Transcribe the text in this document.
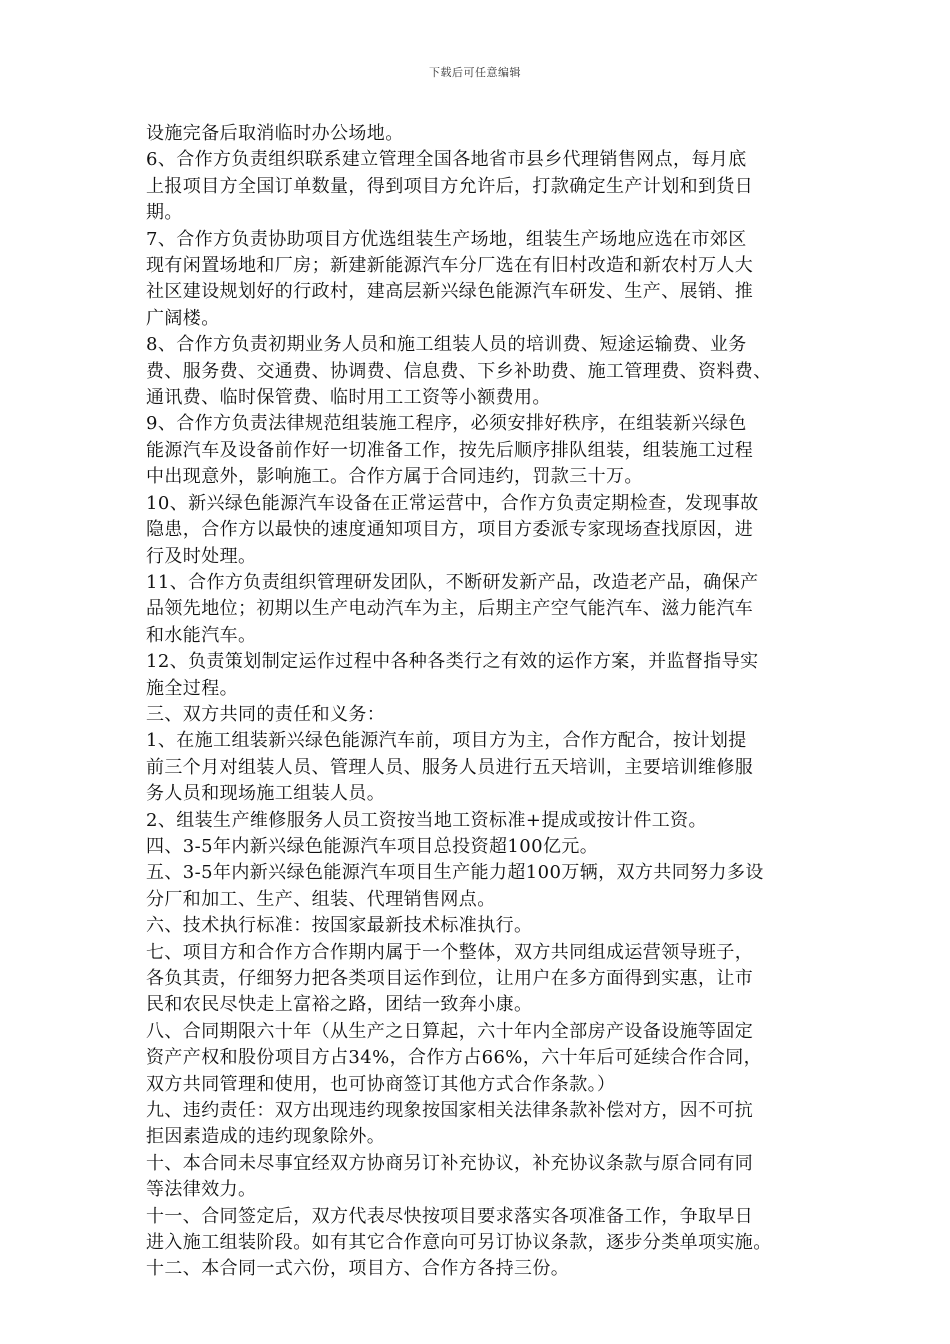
下载后可任意编辑

设施完备后取消临时办公场地。

6、合作方负责组织联系建立管理全国各地省市县乡代理销售网点，每月底

上报项目方全国订单数量，得到项目方允许后，打款确定生产计划和到货日

期。

7、合作方负责协助项目方优选组装生产场地，组装生产场地应选在市郊区

现有闲置场地和厂房；新建新能源汽车分厂选在有旧村改造和新农村万人大

社区建设规划好的行政村，建高层新兴绿色能源汽车研发、生产、展销、推

广阔楼。

8、合作方负责初期业务人员和施工组装人员的培训费、短途运输费、业务

费、服务费、交通费、协调费、信息费、下乡补助费、施工管理费、资料费、

通讯费、临时保管费、临时用工工资等小额费用。

9、合作方负责法律规范组装施工程序，必须安排好秩序，在组装新兴绿色

能源汽车及设备前作好一切准备工作，按先后顺序排队组装，组装施工过程

中出现意外，影响施工。合作方属于合同违约，罚款三十万。

10、新兴绿色能源汽车设备在正常运营中，合作方负责定期检查，发现事故

隐患，合作方以最快的速度通知项目方，项目方委派专家现场查找原因，进

行及时处理。

11、合作方负责组织管理研发团队，不断研发新产品，改造老产品，确保产

品领先地位；初期以生产电动汽车为主，后期主产空气能汽车、滋力能汽车

和水能汽车。

12、负责策划制定运作过程中各种各类行之有效的运作方案，并监督指导实

施全过程。

三、双方共同的责任和义务：

1、在施工组装新兴绿色能源汽车前，项目方为主，合作方配合，按计划提

前三个月对组装人员、管理人员、服务人员进行五天培训，主要培训维修服

务人员和现场施工组装人员。

2、组装生产维修服务人员工资按当地工资标准+提成或按计件工资。

四、3-5年内新兴绿色能源汽车项目总投资超100亿元。

五、3-5年内新兴绿色能源汽车项目生产能力超100万辆，双方共同努力多设

分厂和加工、生产、组装、代理销售网点。

六、技术执行标准：按国家最新技术标准执行。

七、项目方和合作方合作期内属于一个整体，双方共同组成运营领导班子，

各负其责，仔细努力把各类项目运作到位，让用户在多方面得到实惠，让市

民和农民尽快走上富裕之路，团结一致奔小康。

八、合同期限六十年（从生产之日算起，六十年内全部房产设备设施等固定

资产产权和股份项目方占34%，合作方占66%，六十年后可延续合作合同，

双方共同管理和使用，也可协商签订其他方式合作条款。）

九、违约责任：双方出现违约现象按国家相关法律条款补偿对方，因不可抗

拒因素造成的违约现象除外。

十、本合同未尽事宜经双方协商另订补充协议，补充协议条款与原合同有同

等法律效力。

十一、合同签定后，双方代表尽快按项目要求落实各项准备工作，争取早日

进入施工组装阶段。如有其它合作意向可另订协议条款，逐步分类单项实施。

十二、本合同一式六份，项目方、合作方各持三份。
